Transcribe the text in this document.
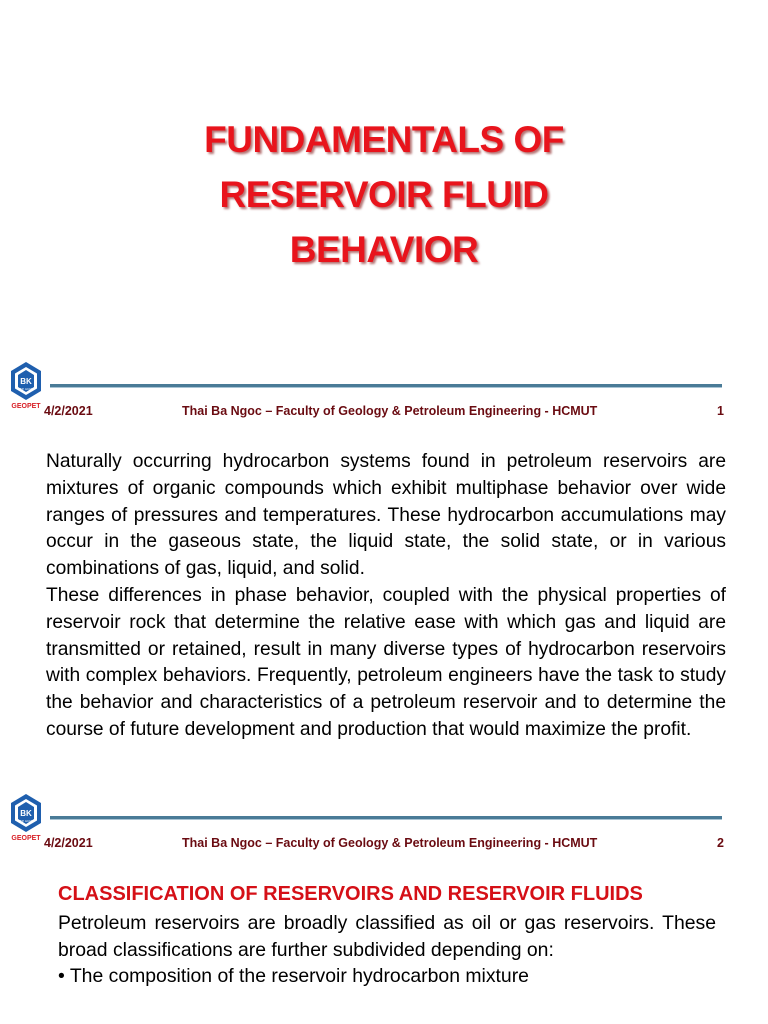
FUNDAMENTALS OF
RESERVOIR FLUID
BEHAVIOR
BK
TP. HCM
GEOPET 4/2/2021	Thai Ba Ngoc – Faculty of Geology & Petroleum Engineering - HCMUT	1

Naturally occurring hydrocarbon systems found in petroleum reservoirs are mixtures of organic compounds which exhibit multiphase behavior over wide ranges of pressures and temperatures. These hydrocarbon accumulations may occur in the gaseous state, the liquid state, the solid state, or in various combinations of gas, liquid, and solid.

These differences in phase behavior, coupled with the physical properties of reservoir rock that determine the relative ease with which gas and liquid are transmitted or retained, result in many diverse types of hydrocarbon reservoirs with complex behaviors. Frequently, petroleum engineers have the task to study the behavior and characteristics of a petroleum reservoir and to determine the course of future development and production that would maximize the profit.

BK
TP. HCM
GEOPET 4/2/2021	Thai Ba Ngoc – Faculty of Geology & Petroleum Engineering - HCMUT	2
CLASSIFICATION OF RESERVOIRS AND RESERVOIR FLUIDS

Petroleum reservoirs are broadly classified as oil or gas reservoirs. These broad classifications are further subdivided depending on:

• The composition of the reservoir hydrocarbon mixture
